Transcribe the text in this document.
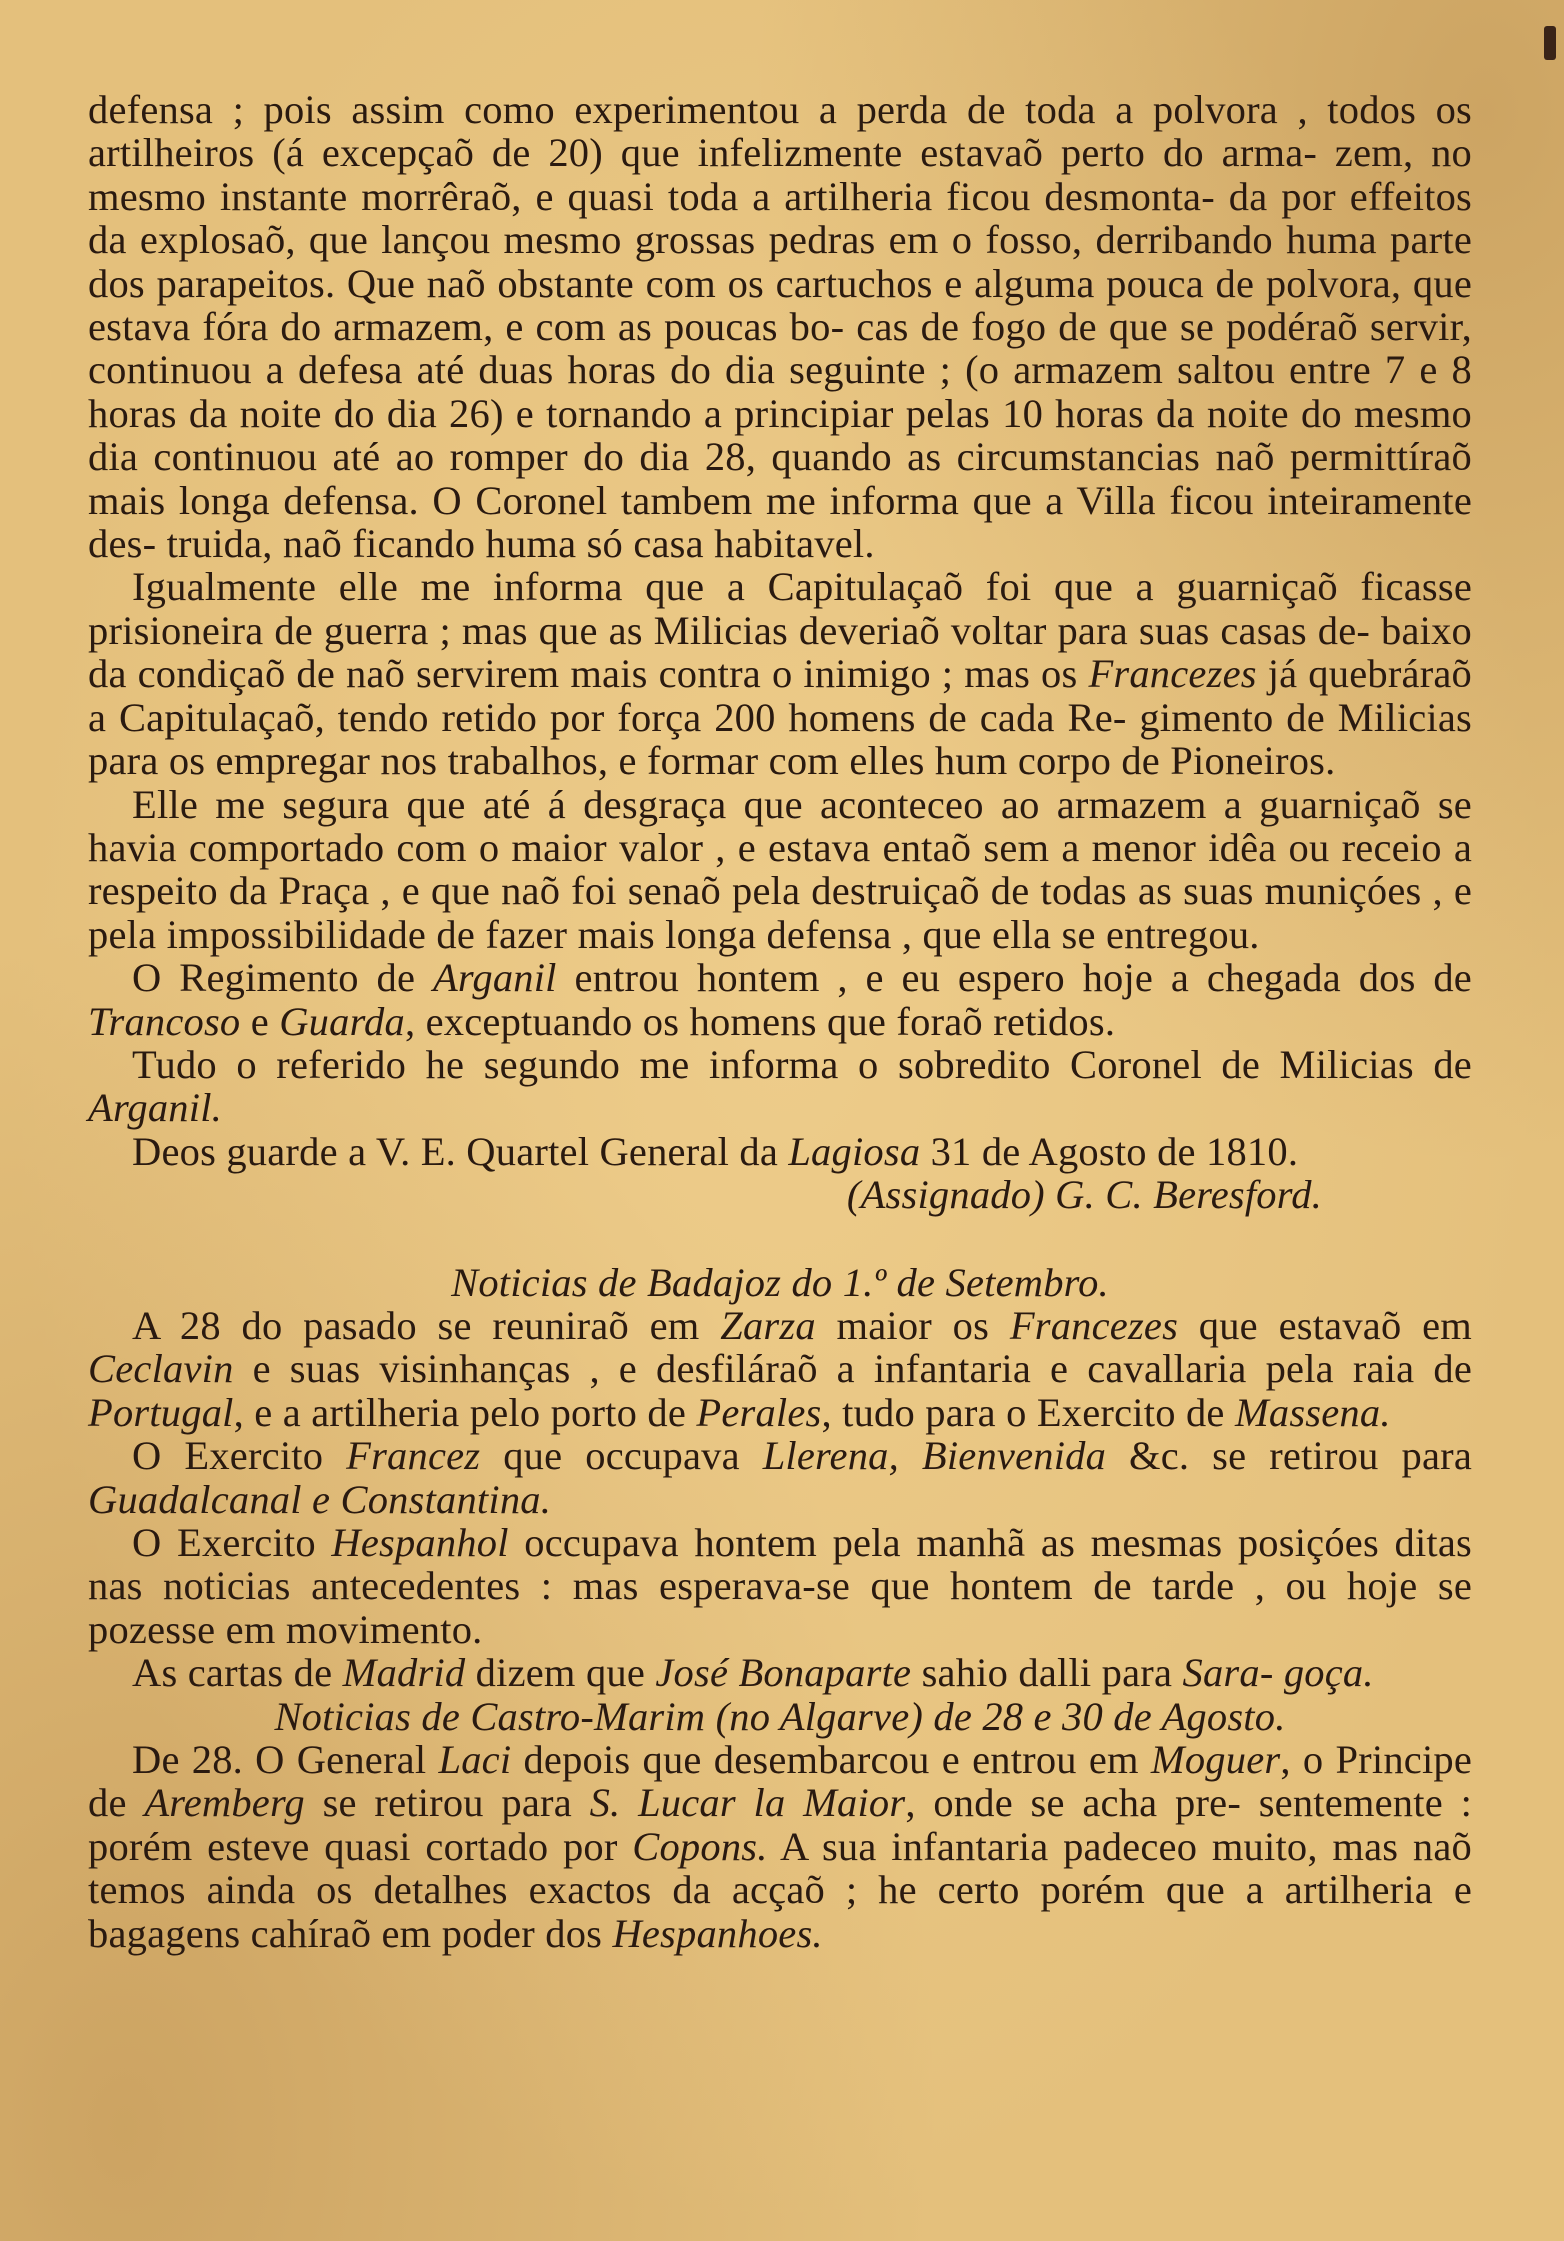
defensa ; pois assim como experimentou a perda de toda a polvora , todos os artilheiros (á excepçaõ de 20) que infelizmente estavaõ perto do arma- zem, no mesmo instante morrêraõ, e quasi toda a artilheria ficou desmonta- da por effeitos da explosaõ, que lançou mesmo grossas pedras em o fosso, derribando huma parte dos parapeitos. Que naõ obstante com os cartuchos e alguma pouca de polvora, que estava fóra do armazem, e com as poucas bo- cas de fogo de que se podéraõ servir, continuou a defesa até duas horas do dia seguinte ; (o armazem saltou entre 7 e 8 horas da noite do dia 26) e tornando a principiar pelas 10 horas da noite do mesmo dia continuou até ao romper do dia 28, quando as circumstancias naõ permittíraõ mais longa defensa. O Coronel tambem me informa que a Villa ficou inteiramente des- truida, naõ ficando huma só casa habitavel.

Igualmente elle me informa que a Capitulaçaõ foi que a guarniçaõ ficasse prisioneira de guerra ; mas que as Milicias deveriaõ voltar para suas casas de- baixo da condiçaõ de naõ servirem mais contra o inimigo ; mas os Francezes já quebráraõ a Capitulaçaõ, tendo retido por força 200 homens de cada Re- gimento de Milicias para os empregar nos trabalhos, e formar com elles hum corpo de Pioneiros.

Elle me segura que até á desgraça que aconteceo ao armazem a guarniçaõ se havia comportado com o maior valor , e estava entaõ sem a menor idêa ou receio a respeito da Praça , e que naõ foi senaõ pela destruiçaõ de todas as suas muniçóes , e pela impossibilidade de fazer mais longa defensa , que ella se entregou.

O Regimento de Arganil entrou hontem , e eu espero hoje a chegada dos de Trancoso e Guarda, exceptuando os homens que foraõ retidos.

Tudo o referido he segundo me informa o sobredito Coronel de Milicias de Arganil.

Deos guarde a V. E. Quartel General da Lagiosa 31 de Agosto de 1810.

(Assignado) G. C. Beresford.

Noticias de Badajoz do 1.º de Setembro.

A 28 do pasado se reuniraõ em Zarza maior os Francezes que estavaõ em Ceclavin e suas visinhanças , e desfiláraõ a infantaria e cavallaria pela raia de Portugal, e a artilheria pelo porto de Perales, tudo para o Exercito de Massena.

O Exercito Francez que occupava Llerena, Bienvenida &c. se retirou para Guadalcanal e Constantina.

O Exercito Hespanhol occupava hontem pela manhã as mesmas posiçóes ditas nas noticias antecedentes : mas esperava-se que hontem de tarde , ou hoje se pozesse em movimento.

As cartas de Madrid dizem que José Bonaparte sahio dalli para Sara- goça.

Noticias de Castro-Marim (no Algarve) de 28 e 30 de Agosto.

De 28. O General Laci depois que desembarcou e entrou em Moguer, o Principe de Aremberg se retirou para S. Lucar la Maior, onde se acha pre- sentemente : porém esteve quasi cortado por Copons. A sua infantaria padeceo muito, mas naõ temos ainda os detalhes exactos da acçaõ ; he certo porém que a artilheria e bagagens cahíraõ em poder dos Hespanhoes.
